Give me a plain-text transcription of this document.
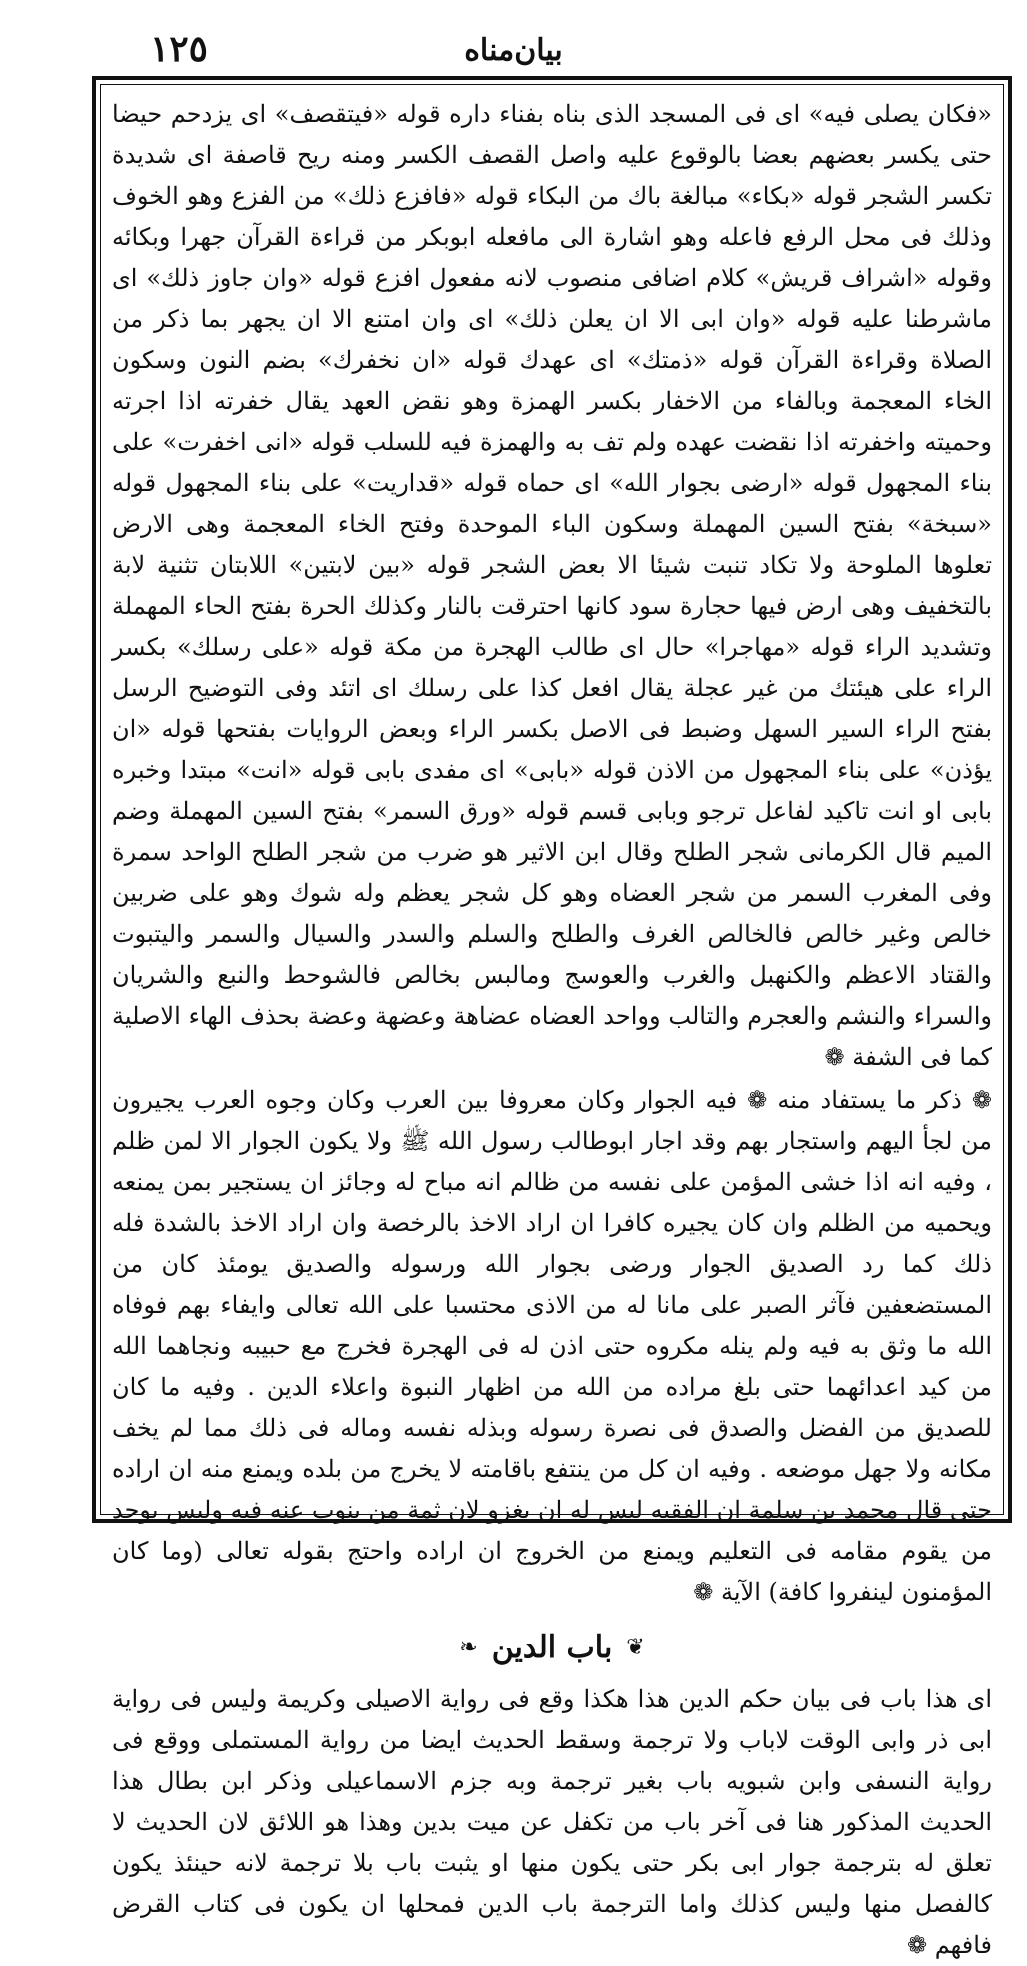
١٢٥	بيان‌مناه

«فكان يصلى فيه» اى فى المسجد الذى بناه بفناء داره قوله «فيتقصف» اى يزدحم حيضا حتى يكسر بعضهم بعضا بالوقوع عليه واصل القصف الكسر ومنه ريح قاصفة اى شديدة تكسر الشجر قوله «بكاء» مبالغة باك من البكاء قوله «فافزع ذلك» من الفزع وهو الخوف وذلك فى محل الرفع فاعله وهو اشارة الى مافعله ابوبكر من قراءة القرآن جهرا وبكائه وقوله «اشراف قريش» كلام اضافى منصوب لانه مفعول افزع قوله «وان جاوز ذلك» اى ماشرطنا عليه قوله «وان ابى الا ان يعلن ذلك» اى وان امتنع الا ان يجهر بما ذكر من الصلاة وقراءة القرآن قوله «ذمتك» اى عهدك قوله «ان نخفرك» بضم النون وسكون الخاء المعجمة وبالفاء من الاخفار بكسر الهمزة وهو نقض العهد يقال خفرته اذا اجرته وحميته واخفرته اذا نقضت عهده ولم تف به والهمزة فيه للسلب قوله «انى اخفرت» على بناء المجهول قوله «ارضى بجوار الله» اى حماه قوله «قداريت» على بناء المجهول قوله «سبخة» بفتح السين المهملة وسكون الباء الموحدة وفتح الخاء المعجمة وهى الارض تعلوها الملوحة ولا تكاد تنبت شيئا الا بعض الشجر قوله «بين لابتين» اللابتان تثنية لابة بالتخفيف وهى ارض فيها حجارة سود كانها احترقت بالنار وكذلك الحرة بفتح الحاء المهملة وتشديد الراء قوله «مهاجرا» حال اى طالب الهجرة من مكة قوله «على رسلك» بكسر الراء على هيئتك من غير عجلة يقال افعل كذا على رسلك اى اتئد وفى التوضيح الرسل بفتح الراء السير السهل وضبط فى الاصل بكسر الراء وبعض الروايات بفتحها قوله «ان يؤذن» على بناء المجهول من الاذن قوله «بابى» اى مفدى بابى قوله «انت» مبتدا وخبره بابى او انت تاكيد لفاعل ترجو وبابى قسم قوله «ورق السمر» بفتح السين المهملة وضم الميم قال الكرمانى شجر الطلح وقال ابن الاثير هو ضرب من شجر الطلح الواحد سمرة وفى المغرب السمر من شجر العضاه وهو كل شجر يعظم وله شوك وهو على ضربين خالص وغير خالص فالخالص الغرف والطلح والسلم والسدر والسيال والسمر واليتبوت والقتاد الاعظم والكنهبل والغرب والعوسج ومالبس بخالص فالشوحط والنبع والشريان والسراء والنشم والعجرم والتالب وواحد العضاه عضاهة وعضهة وعضة بحذف الهاء الاصلية كما فى الشفة ❁

❁ ذكر ما يستفاد منه ❁ فيه الجوار وكان معروفا بين العرب وكان وجوه العرب يجيرون من لجأ اليهم واستجار بهم وقد اجار ابوطالب رسول الله ﷺ ولا يكون الجوار الا لمن ظلم ، وفيه انه اذا خشى المؤمن على نفسه من ظالم انه مباح له وجائز ان يستجير بمن يمنعه ويحميه من الظلم وان كان يجيره كافرا ان اراد الاخذ بالرخصة وان اراد الاخذ بالشدة فله ذلك كما رد الصديق الجوار ورضى بجوار الله ورسوله والصديق يومئذ كان من المستضعفين فآثر الصبر على مانا له من الاذى محتسبا على الله تعالى وايفاء بهم فوفاه الله ما وثق به فيه ولم ينله مكروه حتى اذن له فى الهجرة فخرج مع حبيبه ونجاهما الله من كيد اعدائهما حتى بلغ مراده من الله من اظهار النبوة واعلاء الدين . وفيه ما كان للصديق من الفضل والصدق فى نصرة رسوله وبذله نفسه وماله فى ذلك مما لم يخف مكانه ولا جهل موضعه . وفيه ان كل من ينتفع باقامته لا يخرج من بلده ويمنع منه ان اراده حتى قال محمد بن سلمة ان الفقيه ليس له ان يغزو لان ثمة من ينوب عنه فيه وليس يوجد من يقوم مقامه فى التعليم ويمنع من الخروج ان اراده واحتج بقوله تعالى (وما كان المؤمنون لينفروا كافة) الآية ❁

❦
باب الدين
❧

اى هذا باب فى بيان حكم الدين هذا هكذا وقع فى رواية الاصيلى وكريمة وليس فى رواية ابى ذر وابى الوقت لاباب ولا ترجمة وسقط الحديث ايضا من رواية المستملى ووقع فى رواية النسفى وابن شبويه باب بغير ترجمة وبه جزم الاسماعيلى وذكر ابن بطال هذا الحديث المذكور هنا فى آخر باب من تكفل عن ميت بدين وهذا هو اللائق لان الحديث لا تعلق له بترجمة جوار ابى بكر حتى يكون منها او يثبت باب بلا ترجمة لانه حينئذ يكون كالفصل منها وليس كذلك واما الترجمة باب الدين فمحلها ان يكون فى كتاب القرض فافهم ❁
